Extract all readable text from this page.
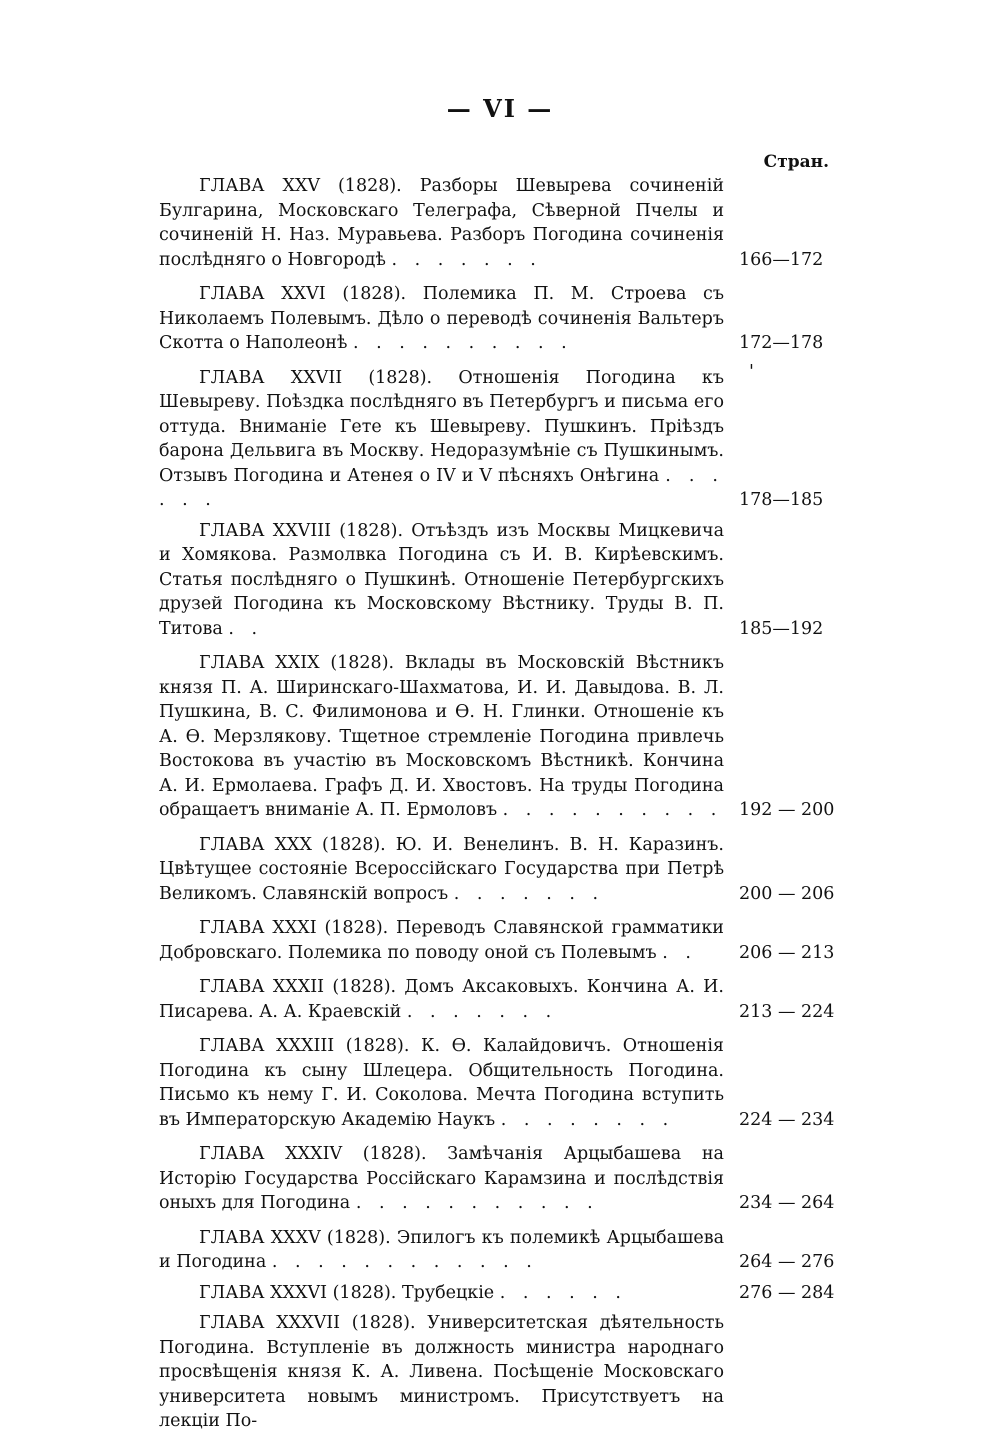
— VI —
Стран.
ГЛАВА XXV (1828). Разборы Шевырева сочиненій Булгарина, Московскаго Телеграфа, Сѣверной Пчелы и сочиненій Н. Наз. Муравьева. Разборъ Погодина сочиненія послѣдняго о Новгородѣ . . . . . . .	166—172
ГЛАВА XXVI (1828). Полемика П. М. Строева съ Николаемъ Полевымъ. Дѣло о переводѣ сочиненія Вальтеръ Скотта о Наполеонѣ . . . . . . . . . .	172—178
'
ГЛАВА XXVII (1828). Отношенія Погодина къ Шевыреву. Поѣздка послѣдняго въ Петербургъ и письма его оттуда. Вниманіе Гете къ Шевыреву. Пушкинъ. Пріѣздъ барона Дельвига въ Москву. Недоразумѣніе съ Пушкинымъ. Отзывъ Погодина и Атенея о IV и V пѣсняхъ Онѣгина . . . . . .	178—185
ГЛАВА XXVIII (1828). Отъѣздъ изъ Москвы Мицкевича и Хомякова. Размолвка Погодина съ И. В. Кирѣевскимъ. Статья послѣдняго о Пушкинѣ. Отношеніе Петербургскихъ друзей Погодина къ Московскому Вѣстнику. Труды В. П. Титова . .	185—192
ГЛАВА XXIX (1828). Вклады въ Московскій Вѣстникъ князя П. А. Ширинскаго-Шахматова, И. И. Давыдова. В. Л. Пушкина, В. С. Филимонова и Ѳ. Н. Глинки. Отношеніе къ А. Ѳ. Мерзлякову. Тщетное стремленіе Погодина привлечь Востокова въ участію въ Московскомъ Вѣстникѣ. Кончина А. И. Ермолаева. Графъ Д. И. Хвостовъ. На труды Погодина обращаетъ вниманіе А. П. Ермоловъ . . . . . . . . . . 192 — 200
ГЛАВА XXX (1828). Ю. И. Венелинъ. В. Н. Каразинъ. Цвѣтущее состояніе Всероссійскаго Государства при Петрѣ Великомъ. Славянскій вопросъ . . . . . . .	200 — 206
ГЛАВА XXXI (1828). Переводъ Славянской грамматики Добровскаго. Полемика по поводу оной съ Полевымъ . .	206 — 213
ГЛАВА XXXII (1828). Домъ Аксаковыхъ. Кончина А. И. Писарева. А. А. Краевскій . . . . . . .	213 — 224
ГЛАВА XXXIII (1828). К. Ѳ. Калайдовичъ. Отношенія Погодина къ сыну Шлецера. Общительность Погодина. Письмо къ нему Г. И. Соколова. Мечта Погодина вступить въ Императорскую Академію Наукъ . . . . . . . .	224 — 234
ГЛАВА XXXIV (1828). Замѣчанія Арцыбашева на Исторію Государства Россійскаго Карамзина и послѣдствія оныхъ для Погодина . . . . . . . . . . .	234 — 264
ГЛАВА XXXV (1828). Эпилогъ къ полемикѣ Арцыбашева и Погодина . . . . . . . . . . . .	264 — 276
ГЛАВА XXXVI (1828). Трубецкіе . . . . . .	276 — 284
ГЛАВА XXXVII (1828). Университетская дѣятельность Погодина. Вступленіе въ должность министра народнаго просвѣщенія князя К. А. Ливена. Посѣщеніе Московскаго университета новымъ министромъ. Присутствуетъ на лекціи По-
